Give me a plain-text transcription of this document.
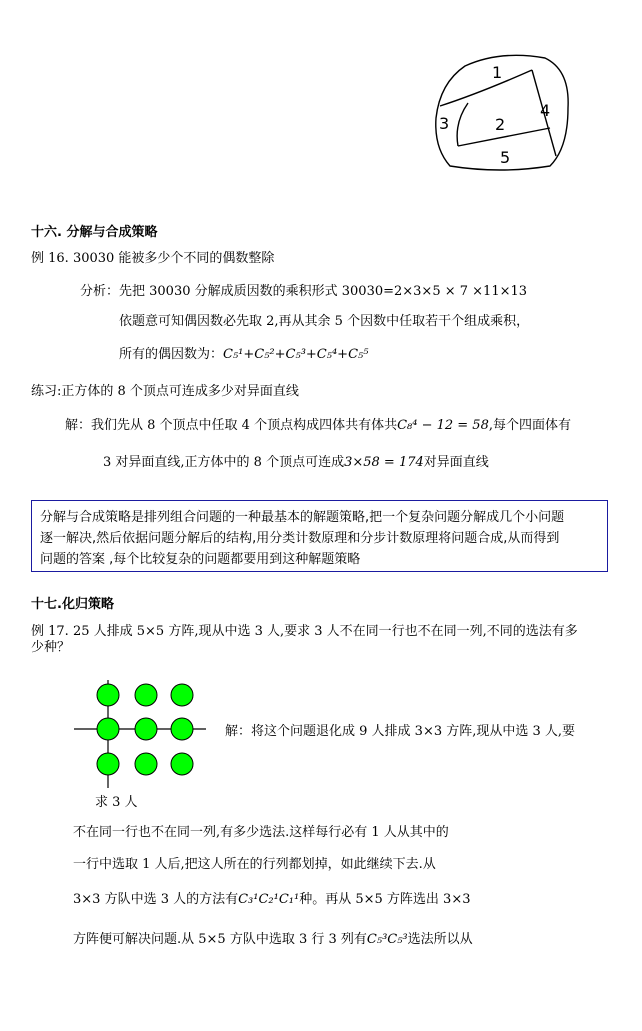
1
2
3
4
5
十六. 分解与合成策略
例 16. 30030 能被多少个不同的偶数整除
分析：先把 30030 分解成质因数的乘积形式 30030=2×3×5 × 7 ×11×13
依题意可知偶因数必先取 2,再从其余 5 个因数中任取若干个组成乘积，
所有的偶因数为：C₅¹+C₅²+C₅³+C₅⁴+C₅⁵
练习:正方体的 8 个顶点可连成多少对异面直线
解：我们先从 8 个顶点中任取 4 个顶点构成四体共有体共C₈⁴ − 12 = 58,每个四面体有
3 对异面直线,正方体中的 8 个顶点可连成3×58 = 174对异面直线

分解与合成策略是排列组合问题的一种最基本的解题策略,把一个复杂问题分解成几个小问题

逐一解决,然后依据问题分解后的结构,用分类计数原理和分步计数原理将问题合成,从而得到

问题的答案 ,每个比较复杂的问题都要用到这种解题策略

十七.化归策略
例 17. 25 人排成 5×5 方阵,现从中选 3 人,要求 3 人不在同一行也不在同一列,不同的选法有多
少种？
求 3 人
解：将这个问题退化成 9 人排成 3×3 方阵,现从中选 3 人,要
不在同一行也不在同一列,有多少选法.这样每行必有 1 人从其中的
一行中选取 1 人后,把这人所在的行列都划掉，如此继续下去.从
3×3 方队中选 3 人的方法有C₃¹C₂¹C₁¹种。再从 5×5 方阵选出 3×3
方阵便可解决问题.从 5×5 方队中选取 3 行 3 列有C₅³C₅³选法所以从
